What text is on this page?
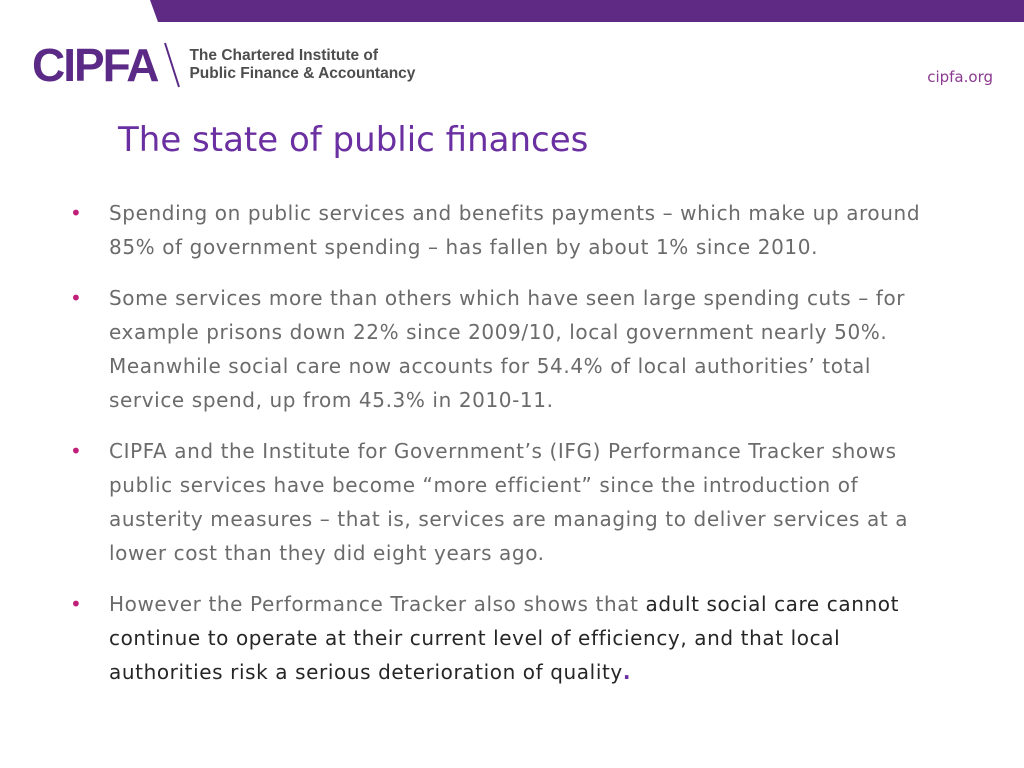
CIPFA The Chartered Institute of
Public Finance & Accountancy	cipfa.org
The state of public finances
• Spending on public services and benefits payments – which make up around 85% of government spending – has fallen by about 1% since 2010.
• Some services more than others which have seen large spending cuts – for example prisons down 22% since 2009/10, local government nearly 50%. Meanwhile social care now accounts for 54.4% of local authorities’ total service spend, up from 45.3% in 2010-11.
• CIPFA and the Institute for Government’s (IFG) Performance Tracker shows public services have become “more efficient” since the introduction of austerity measures – that is, services are managing to deliver services at a lower cost than they did eight years ago.
• However the Performance Tracker also shows that adult social care cannot continue to operate at their current level of efficiency, and that local authorities risk a serious deterioration of quality.
